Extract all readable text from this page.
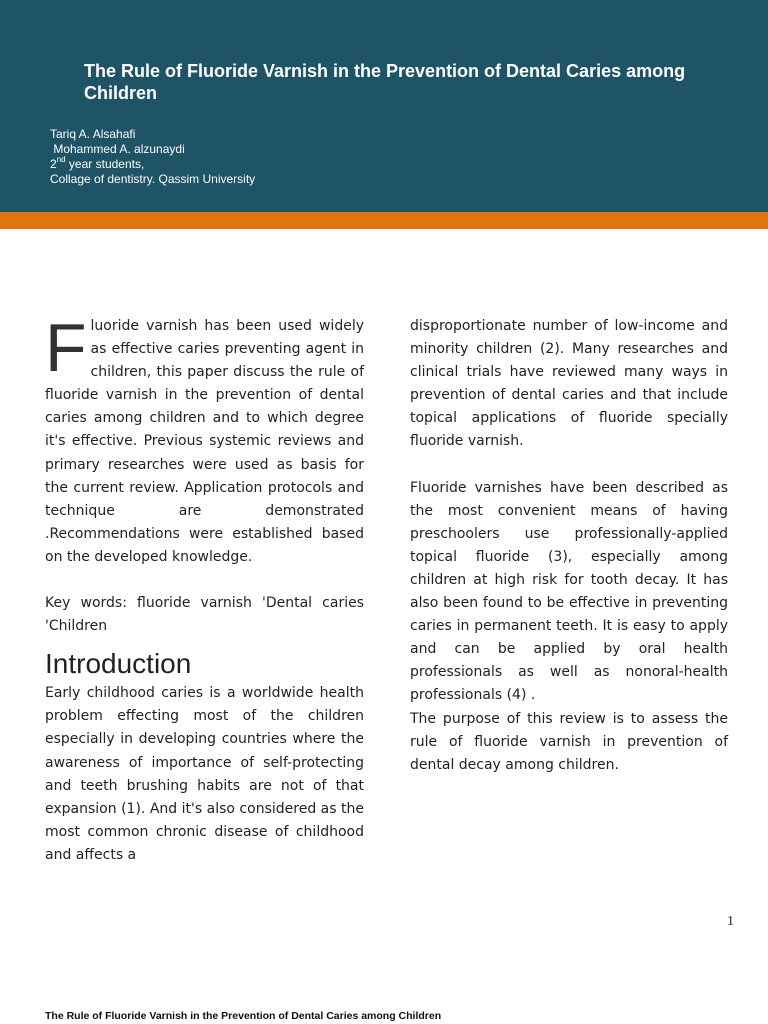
The Rule of Fluoride Varnish in the Prevention of Dental Caries among Children
Tariq A. Alsahafi
Mohammed A. alzunaydi
2nd year students,
Collage of dentistry. Qassim University

Fluoride varnish has been used widely as effective caries preventing agent in children, this paper discuss the rule of fluoride varnish in the prevention of dental caries among children and to which degree it's effective. Previous systemic reviews and primary researches were used as basis for the current review. Application protocols and technique are demonstrated .Recommendations were established based on the developed knowledge.

Key words: fluoride varnish 'Dental caries 'Children

Introduction

Early childhood caries is a worldwide health problem effecting most of the children especially in developing countries where the awareness of importance of self-protecting and teeth brushing habits are not of that expansion (1). And it's also considered as the most common chronic disease of childhood and affects a

disproportionate number of low-income and minority children (2). Many researches and clinical trials have reviewed many ways in prevention of dental caries and that include topical applications of fluoride specially fluoride varnish.

Fluoride varnishes have been described as the most convenient means of having preschoolers use professionally-applied topical fluoride (3), especially among children at high risk for tooth decay. It has also been found to be effective in preventing caries in permanent teeth. It is easy to apply and can be applied by oral health professionals as well as nonoral-health professionals (4) .

The purpose of this review is to assess the rule of fluoride varnish in prevention of dental decay among children.

1
The Rule of Fluoride Varnish in the Prevention of Dental Caries among Children
